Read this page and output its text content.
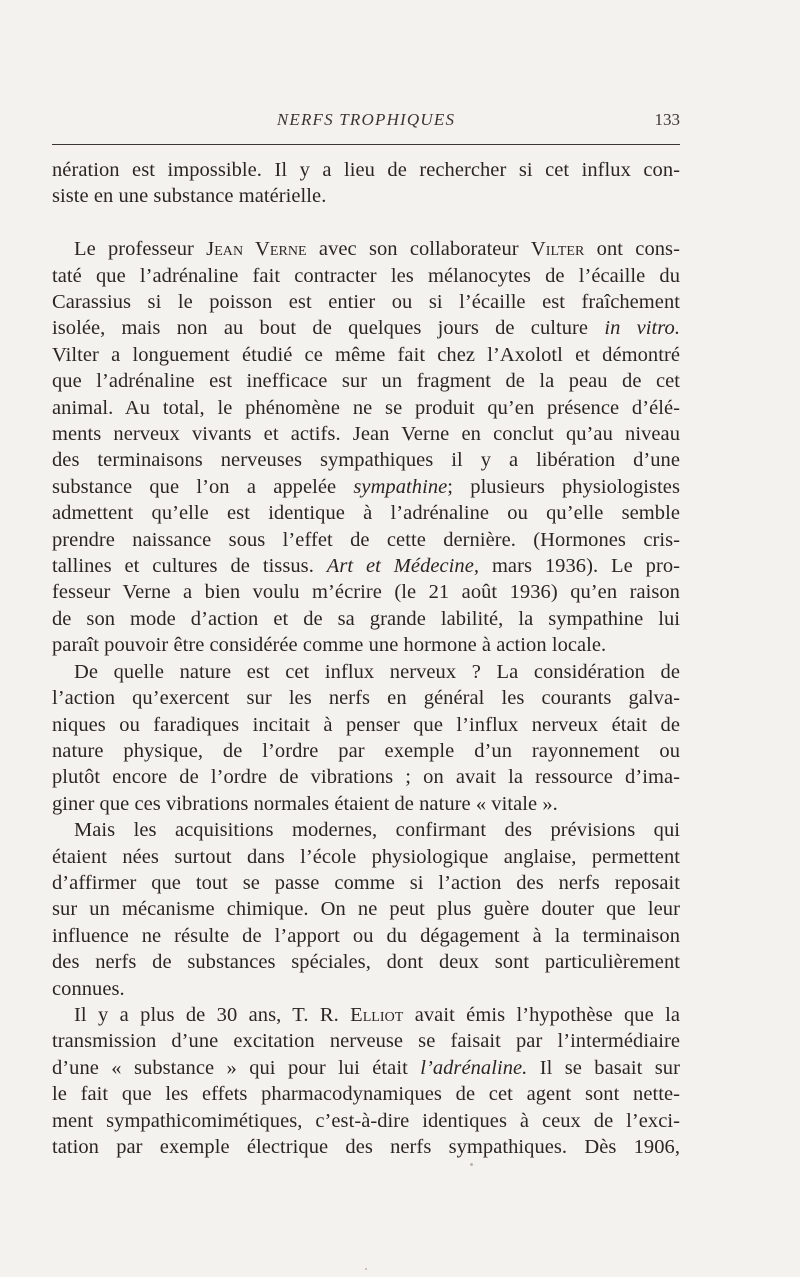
NERFS TROPHIQUES	133

nération est impossible. Il y a lieu de rechercher si cet influx con-

siste en une substance matérielle.

Le professeur Jean Verne avec son collaborateur Vilter ont cons-

taté que l’adrénaline fait contracter les mélanocytes de l’écaille du

Carassius si le poisson est entier ou si l’écaille est fraîchement

isolée, mais non au bout de quelques jours de culture in vitro.

Vilter a longuement étudié ce même fait chez l’Axolotl et démontré

que l’adrénaline est inefficace sur un fragment de la peau de cet

animal. Au total, le phénomène ne se produit qu’en présence d’élé-

ments nerveux vivants et actifs. Jean Verne en conclut qu’au niveau

des terminaisons nerveuses sympathiques il y a libération d’une

substance que l’on a appelée sympathine; plusieurs physiologistes

admettent qu’elle est identique à l’adrénaline ou qu’elle semble

prendre naissance sous l’effet de cette dernière. (Hormones cris-

tallines et cultures de tissus. Art et Médecine, mars 1936). Le pro-

fesseur Verne a bien voulu m’écrire (le 21 août 1936) qu’en raison

de son mode d’action et de sa grande labilité, la sympathine lui

paraît pouvoir être considérée comme une hormone à action locale.

De quelle nature est cet influx nerveux ? La considération de

l’action qu’exercent sur les nerfs en général les courants galva-

niques ou faradiques incitait à penser que l’influx nerveux était de

nature physique, de l’ordre par exemple d’un rayonnement ou

plutôt encore de l’ordre de vibrations ; on avait la ressource d’ima-

giner que ces vibrations normales étaient de nature « vitale ».

Mais les acquisitions modernes, confirmant des prévisions qui

étaient nées surtout dans l’école physiologique anglaise, permettent

d’affirmer que tout se passe comme si l’action des nerfs reposait

sur un mécanisme chimique. On ne peut plus guère douter que leur

influence ne résulte de l’apport ou du dégagement à la terminaison

des nerfs de substances spéciales, dont deux sont particulièrement

connues.

Il y a plus de 30 ans, T. R. Elliot avait émis l’hypothèse que la

transmission d’une excitation nerveuse se faisait par l’intermédiaire

d’une « substance » qui pour lui était l’adrénaline. Il se basait sur

le fait que les effets pharmacodynamiques de cet agent sont nette-

ment sympathicomimétiques, c’est-à-dire identiques à ceux de l’exci-

tation par exemple électrique des nerfs sympathiques. Dès 1906,
